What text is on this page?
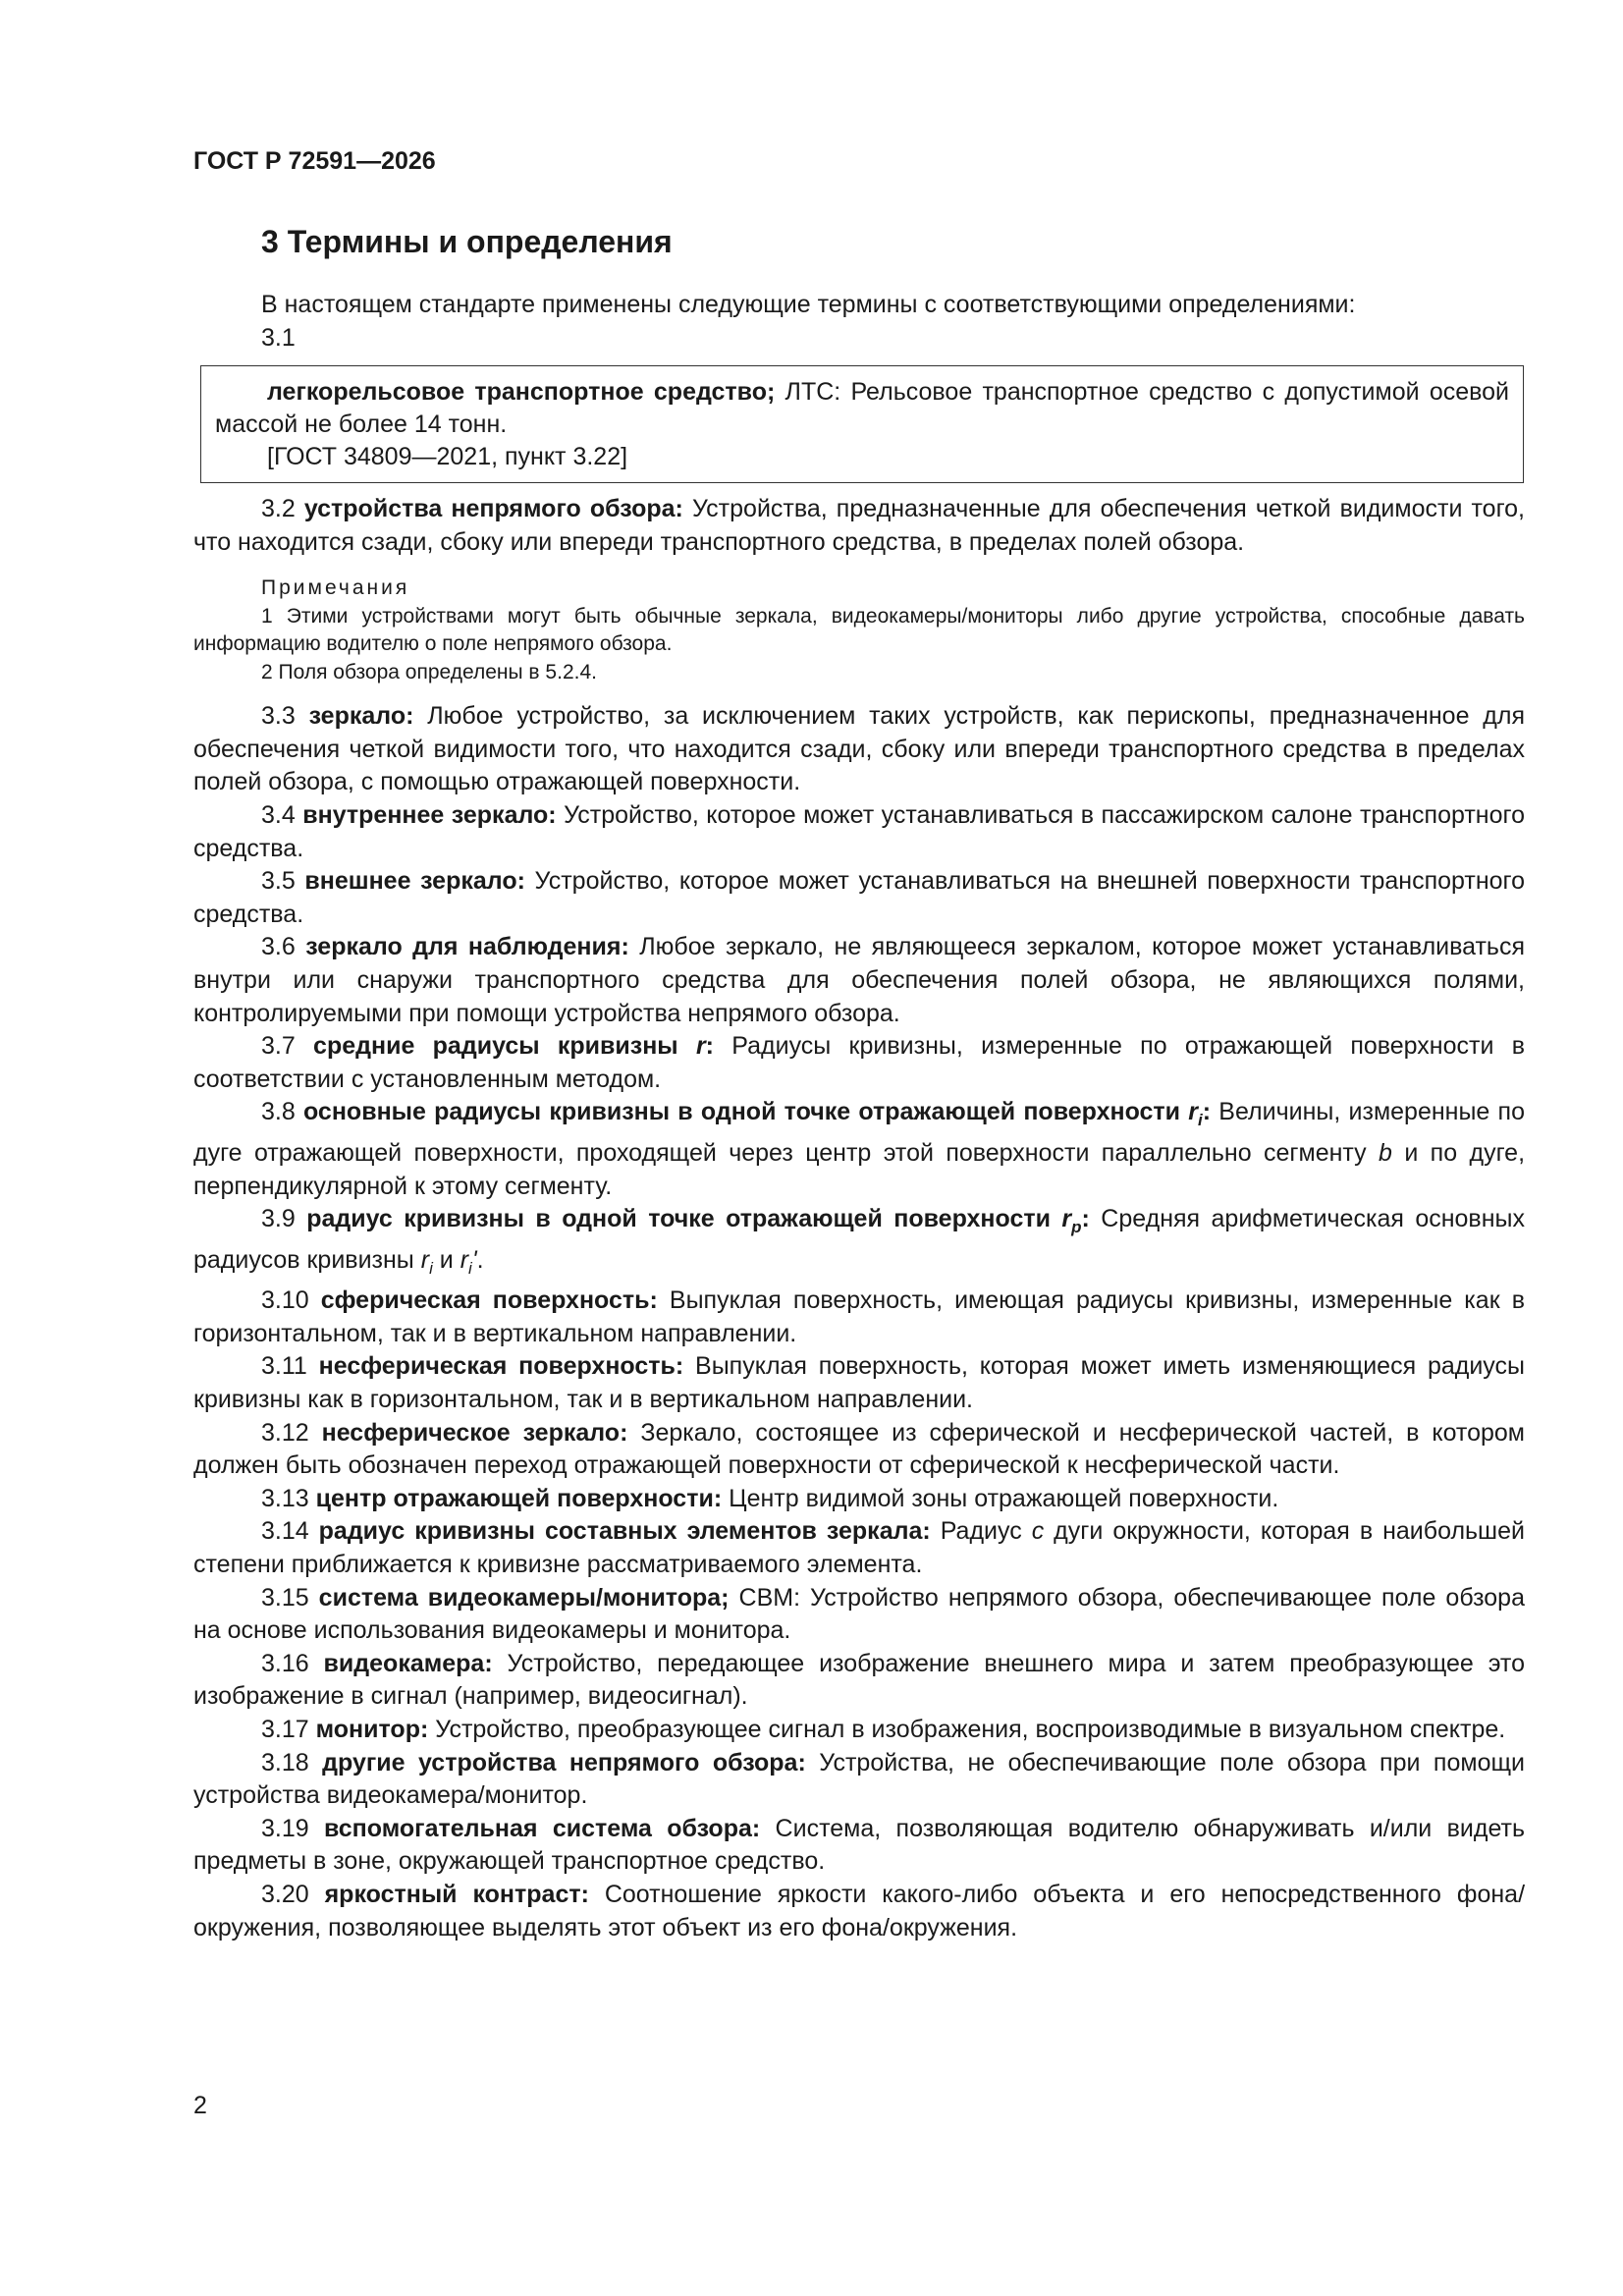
ГОСТ Р 72591—2026
3 Термины и определения
В настоящем стандарте применены следующие термины с соответствующими определениями:
3.1

легкорельсовое транспортное средство; ЛТС: Рельсовое транспортное средство с допустимой осевой массой не более 14 тонн.

[ГОСТ 34809—2021, пункт 3.22]

3.2 устройства непрямого обзора: Устройства, предназначенные для обеспечения четкой видимости того, что находится сзади, сбоку или впереди транспортного средства, в пределах полей обзора.

Примечания

1 Этими устройствами могут быть обычные зеркала, видеокамеры/мониторы либо другие устройства, способные давать информацию водителю о поле непрямого обзора.

2 Поля обзора определены в 5.2.4.

3.3 зеркало: Любое устройство, за исключением таких устройств, как перископы, предназначенное для обеспечения четкой видимости того, что находится сзади, сбоку или впереди транспортного средства в пределах полей обзора, с помощью отражающей поверхности.

3.4 внутреннее зеркало: Устройство, которое может устанавливаться в пассажирском салоне транспортного средства.

3.5 внешнее зеркало: Устройство, которое может устанавливаться на внешней поверхности транспортного средства.

3.6 зеркало для наблюдения: Любое зеркало, не являющееся зеркалом, которое может устанавливаться внутри или снаружи транспортного средства для обеспечения полей обзора, не являющихся полями, контролируемыми при помощи устройства непрямого обзора.

3.7 средние радиусы кривизны r: Радиусы кривизны, измеренные по отражающей поверхности в соответствии с установленным методом.

3.8 основные радиусы кривизны в одной точке отражающей поверхности $r_i$: Величины, измеренные по дуге отражающей поверхности, проходящей через центр этой поверхности параллельно сегменту b и по дуге, перпендикулярной к этому сегменту.

3.9 радиус кривизны в одной точке отражающей поверхности $r_p$: Средняя арифметическая основных радиусов кривизны $r_i$ и $r_i'$.

3.10 сферическая поверхность: Выпуклая поверхность, имеющая радиусы кривизны, измеренные как в горизонтальном, так и в вертикальном направлении.

3.11 несферическая поверхность: Выпуклая поверхность, которая может иметь изменяющиеся радиусы кривизны как в горизонтальном, так и в вертикальном направлении.

3.12 несферическое зеркало: Зеркало, состоящее из сферической и несферической частей, в котором должен быть обозначен переход отражающей поверхности от сферической к несферической части.

3.13 центр отражающей поверхности: Центр видимой зоны отражающей поверхности.

3.14 радиус кривизны составных элементов зеркала: Радиус c дуги окружности, которая в наибольшей степени приближается к кривизне рассматриваемого элемента.

3.15 система видеокамеры/монитора; СВМ: Устройство непрямого обзора, обеспечивающее поле обзора на основе использования видеокамеры и монитора.

3.16 видеокамера: Устройство, передающее изображение внешнего мира и затем преобразующее это изображение в сигнал (например, видеосигнал).

3.17 монитор: Устройство, преобразующее сигнал в изображения, воспроизводимые в визуальном спектре.

3.18 другие устройства непрямого обзора: Устройства, не обеспечивающие поле обзора при помощи устройства видеокамера/монитор.

3.19 вспомогательная система обзора: Система, позволяющая водителю обнаруживать и/или видеть предметы в зоне, окружающей транспортное средство.

3.20 яркостный контраст: Соотношение яркости какого-либо объекта и его непосредственного фона/окружения, позволяющее выделять этот объект из его фона/окружения.

2
